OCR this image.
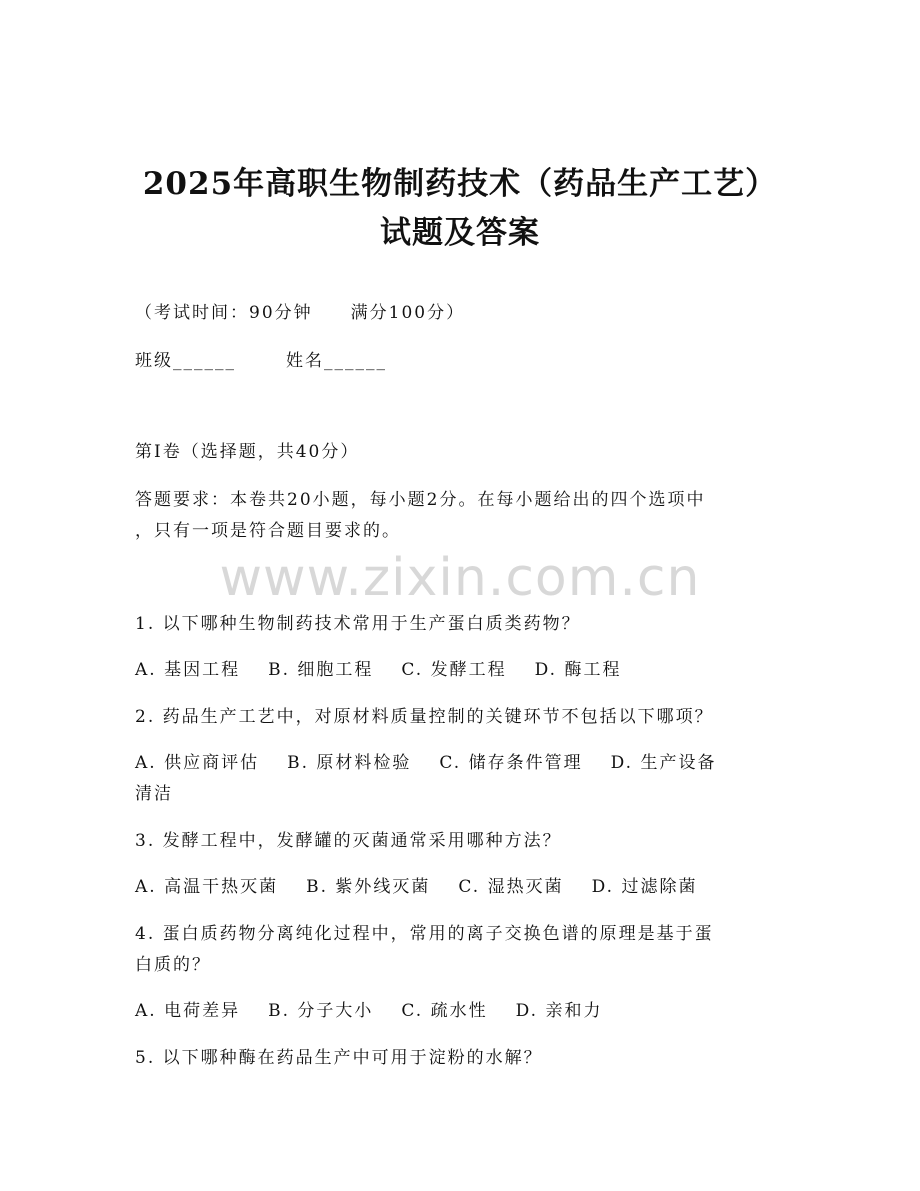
2025年高职生物制药技术（药品生产工艺）
试题及答案
（考试时间：90分钟　　满分100分）
班级______	姓名______
第I卷（选择题，共40分）
答题要求：本卷共20小题，每小题2分。在每小题给出的四个选项中
，只有一项是符合题目要求的。
www.zixin.com.cn
1. 以下哪种生物制药技术常用于生产蛋白质类药物？
A. 基因工程 B. 细胞工程 C. 发酵工程 D. 酶工程
2. 药品生产工艺中，对原材料质量控制的关键环节不包括以下哪项？
A. 供应商评估 B. 原材料检验 C. 储存条件管理 D. 生产设备
清洁
3. 发酵工程中，发酵罐的灭菌通常采用哪种方法？
A. 高温干热灭菌 B. 紫外线灭菌 C. 湿热灭菌 D. 过滤除菌
4. 蛋白质药物分离纯化过程中，常用的离子交换色谱的原理是基于蛋
白质的？
A. 电荷差异 B. 分子大小 C. 疏水性 D. 亲和力
5. 以下哪种酶在药品生产中可用于淀粉的水解？
